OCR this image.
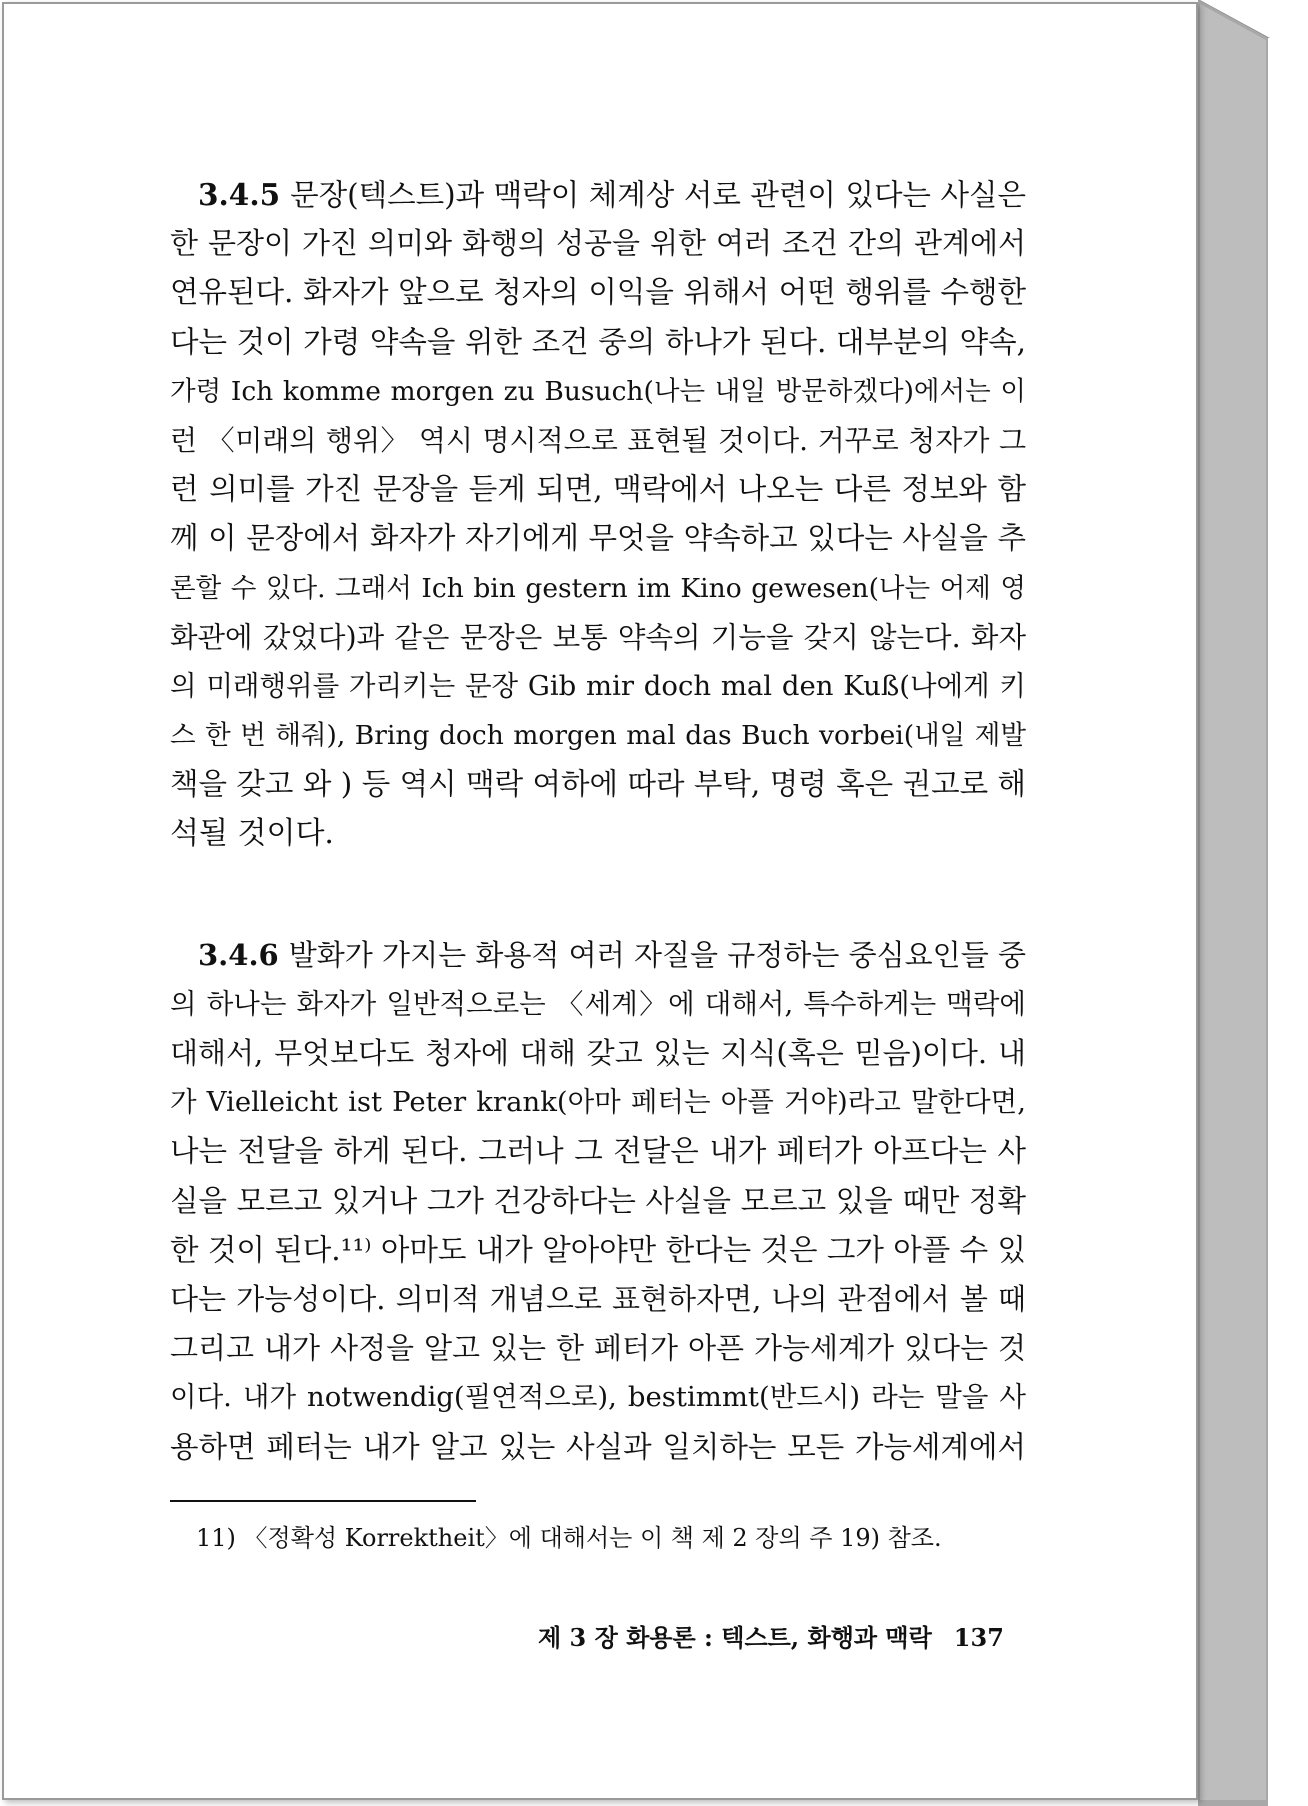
3.4.5 문장(텍스트)과 맥락이 체계상 서로 관련이 있다는 사실은
한 문장이 가진 의미와 화행의 성공을 위한 여러 조건 간의 관계에서
연유된다. 화자가 앞으로 청자의 이익을 위해서 어떤 행위를 수행한
다는 것이 가령 약속을 위한 조건 중의 하나가 된다. 대부분의 약속,
가령 Ich komme morgen zu Busuch(나는 내일 방문하겠다)에서는 이
런 〈미래의 행위〉 역시 명시적으로 표현될 것이다. 거꾸로 청자가 그
런 의미를 가진 문장을 듣게 되면, 맥락에서 나오는 다른 정보와 함
께 이 문장에서 화자가 자기에게 무엇을 약속하고 있다는 사실을 추
론할 수 있다. 그래서 Ich bin gestern im Kino gewesen(나는 어제 영
화관에 갔었다)과 같은 문장은 보통 약속의 기능을 갖지 않는다. 화자
의 미래행위를 가리키는 문장 Gib mir doch mal den Kuß(나에게 키
스 한 번 해줘), Bring doch morgen mal das Buch vorbei(내일 제발
책을 갖고 와 ) 등 역시 맥락 여하에 따라 부탁, 명령 혹은 권고로 해
석될 것이다.
3.4.6 발화가 가지는 화용적 여러 자질을 규정하는 중심요인들 중
의 하나는 화자가 일반적으로는 〈세계〉에 대해서, 특수하게는 맥락에
대해서, 무엇보다도 청자에 대해 갖고 있는 지식(혹은 믿음)이다. 내
가 Vielleicht ist Peter krank(아마 페터는 아플 거야)라고 말한다면,
나는 전달을 하게 된다. 그러나 그 전달은 내가 페터가 아프다는 사
실을 모르고 있거나 그가 건강하다는 사실을 모르고 있을 때만 정확
한 것이 된다.¹¹⁾ 아마도 내가 알아야만 한다는 것은 그가 아플 수 있
다는 가능성이다. 의미적 개념으로 표현하자면, 나의 관점에서 볼 때
그리고 내가 사정을 알고 있는 한 페터가 아픈 가능세계가 있다는 것
이다. 내가 notwendig(필연적으로), bestimmt(반드시) 라는 말을 사
용하면 페터는 내가 알고 있는 사실과 일치하는 모든 가능세계에서
11) 〈정확성 Korrektheit〉에 대해서는 이 책 제 2 장의 주 19) 참조.
제 3 장 화용론 : 텍스트, 화행과 맥락 137
